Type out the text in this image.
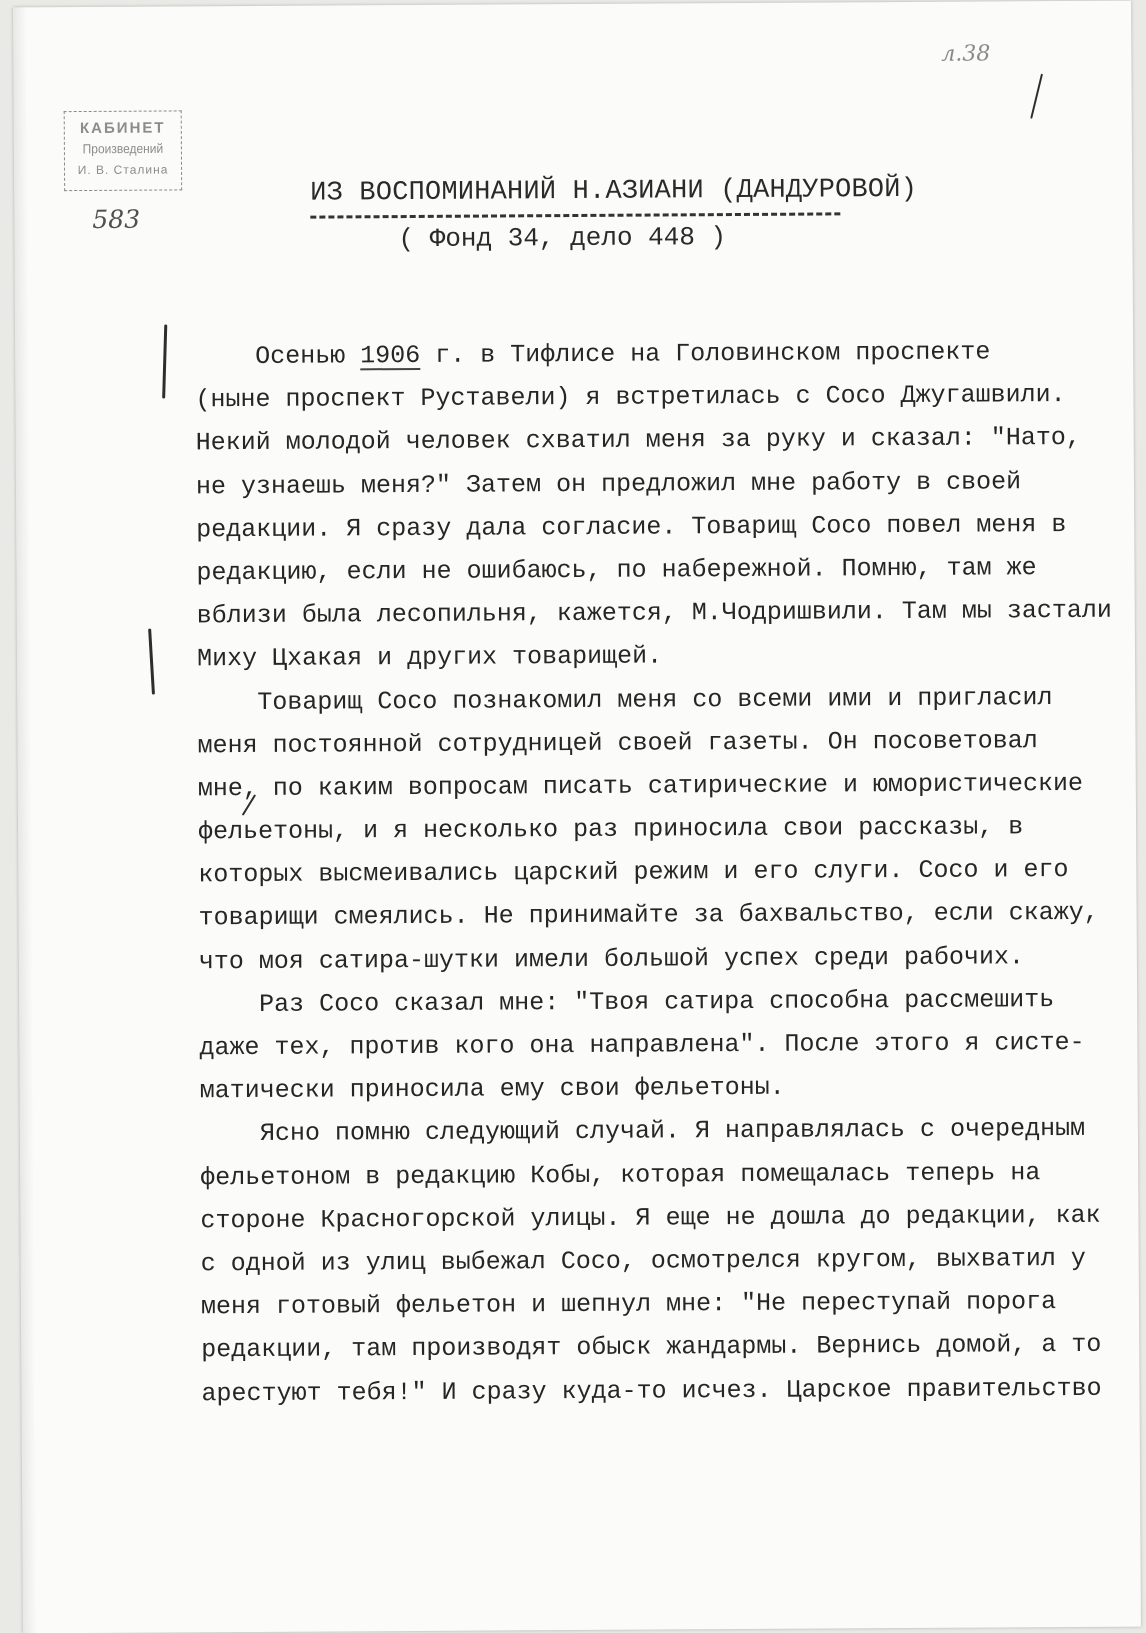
КАБИНЕТ
Произведений
И. В. Сталина
583
л.38
ИЗ ВОСПОМИНАНИЙ Н.АЗИАНИ (ДАНДУРОВОЙ)
( Фонд 34, дело 448 )
Осенью 1906 г. в Тифлисе на Головинском проспекте
(ныне проспект Руставели) я встретилась с Сосо Джугашвили.
Некий молодой человек схватил меня за руку и сказал: "Нато,
не узнаешь меня?" Затем он предложил мне работу в своей
редакции. Я сразу дала согласие. Товарищ Сосо повел меня в
редакцию, если не ошибаюсь, по набережной. Помню, там же
вблизи была лесопильня, кажется, М.Чодришвили. Там мы застали
Миху Цхакая и других товарищей.
Товарищ Сосо познакомил меня со всеми ими и пригласил
меня постоянной сотрудницей своей газеты. Он посоветовал
мне, по каким вопросам писать сатирические и юмористические
фельетоны, и я несколько раз приносила свои рассказы, в
которых высмеивались царский режим и его слуги. Сосо и его
товарищи смеялись. Не принимайте за бахвальство, если скажу,
что моя сатира-шутки имели большой успех среди рабочих.
Раз Сосо сказал мне: "Твоя сатира способна рассмешить
даже тех, против кого она направлена". После этого я систе-
матически приносила ему свои фельетоны.
Ясно помню следующий случай. Я направлялась с очередным
фельетоном в редакцию Кобы, которая помещалась теперь на
стороне Красногорской улицы. Я еще не дошла до редакции, как
с одной из улиц выбежал Сосо, осмотрелся кругом, выхватил у
меня готовый фельетон и шепнул мне: "Не переступай порога
редакции, там производят обыск жандармы. Вернись домой, а то
арестуют тебя!" И сразу куда-то исчез. Царское правительство
